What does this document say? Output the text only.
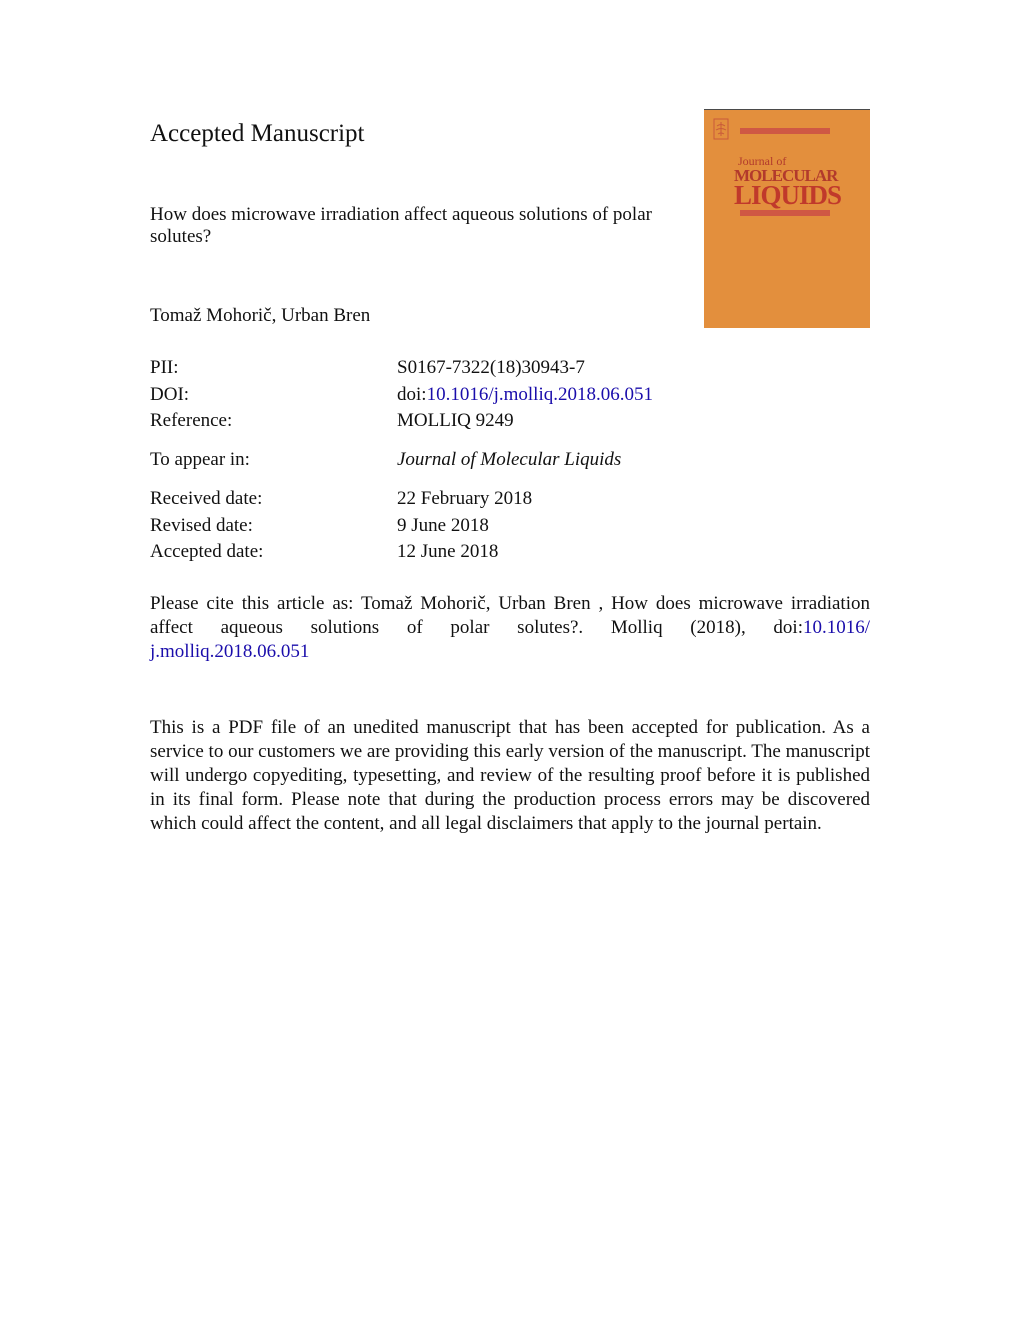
Accepted Manuscript
How does microwave irradiation affect aqueous solutions of polar solutes?
Tomaž Mohorič, Urban Bren
Journal of
MOLECULAR
LIQUIDS
PII:	S0167-7322(18)30943-7
DOI:	doi:10.1016/j.molliq.2018.06.051
Reference:	MOLLIQ 9249
To appear in:	Journal of Molecular Liquids
Received date:	22 February 2018
Revised date:	9 June 2018
Accepted date:	12 June 2018
Please cite this article as: Tomaž Mohorič, Urban Bren , How does microwave irradiation
affect aqueous solutions of polar solutes?. Molliq (2018), doi:10.1016/
j.molliq.2018.06.051
This is a PDF file of an unedited manuscript that has been accepted for publication. As a service to our customers we are providing this early version of the manuscript. The manuscript will undergo copyediting, typesetting, and review of the resulting proof before it is published in its final form. Please note that during the production process errors may be discovered which could affect the content, and all legal disclaimers that apply to the journal pertain.
